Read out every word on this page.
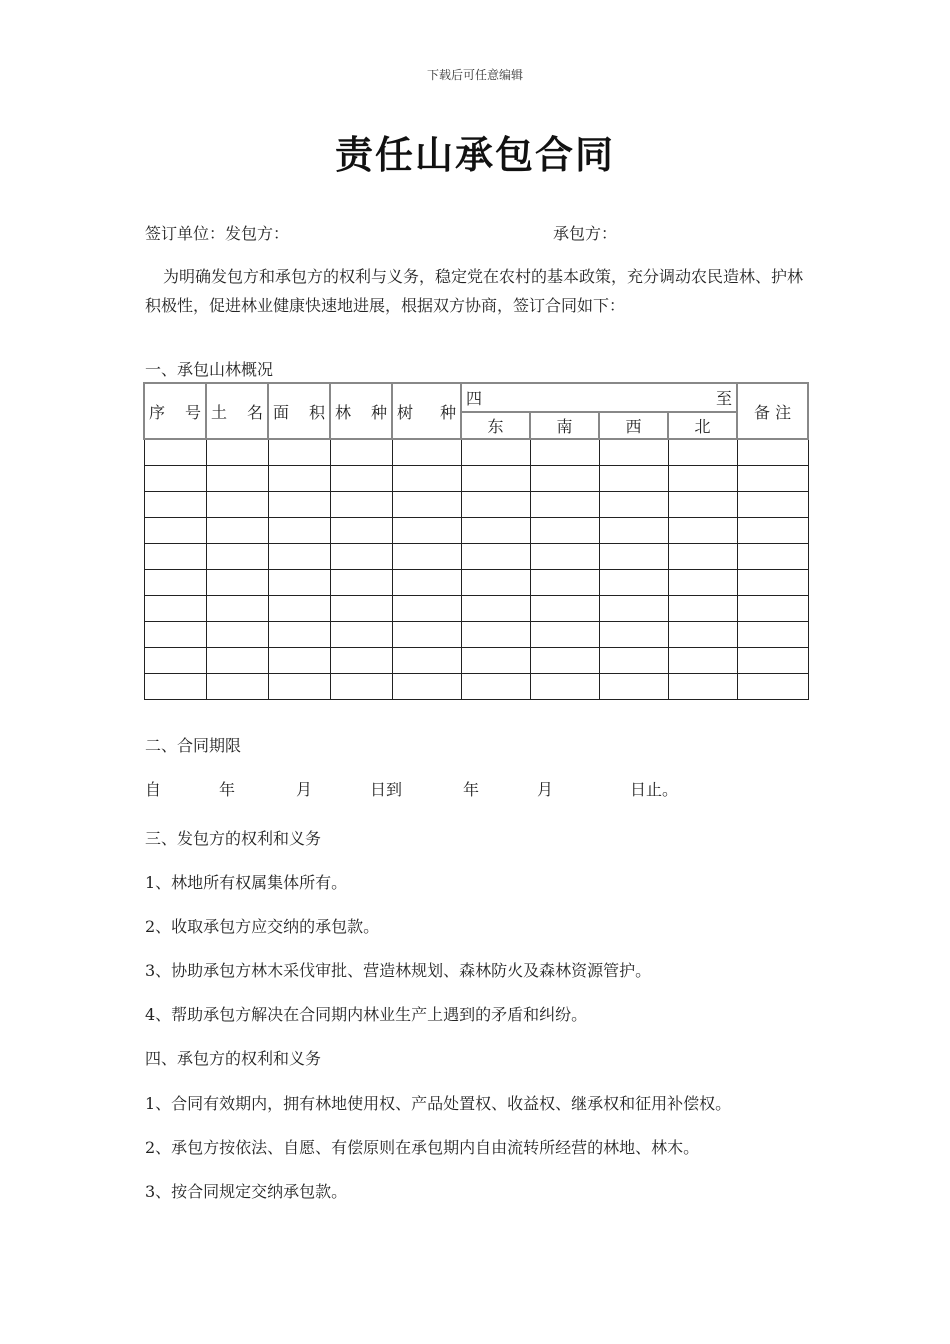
下载后可任意编辑
责任山承包合同
签订单位：发包方：	承包方：
为明确发包方和承包方的权利与义务，稳定党在农村的基本政策，充分调动农民造林、护林积极性，促进林业健康快速地进展，根据双方协商，签订合同如下：
一、承包山林概况
序 号	土 名	面 积	林 种	树 种	四 至				备 注
					东	南	西	北	

二、合同期限
自	年	月	日到	年	月	日止。
三、发包方的权利和义务
1、林地所有权属集体所有。
2、收取承包方应交纳的承包款。
3、协助承包方林木采伐审批、营造林规划、森林防火及森林资源管护。
4、帮助承包方解决在合同期内林业生产上遇到的矛盾和纠纷。
四、承包方的权利和义务
1、合同有效期内，拥有林地使用权、产品处置权、收益权、继承权和征用补偿权。
2、承包方按依法、自愿、有偿原则在承包期内自由流转所经营的林地、林木。
3、按合同规定交纳承包款。
